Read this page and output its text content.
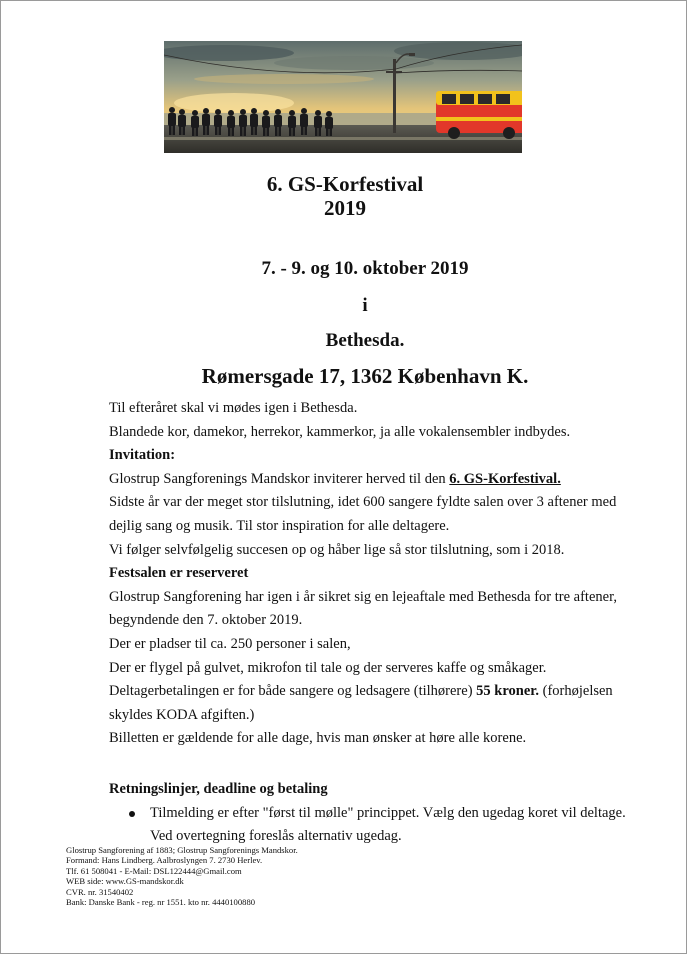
6. GS-Korfestival
2019
7. - 9. og 10. oktober 2019
i
Bethesda.
Rømersgade 17, 1362 København K.

Til efteråret skal vi mødes igen i Bethesda.

Blandede kor, damekor, herrekor, kammerkor, ja alle vokalensembler indbydes.

Invitation:

Glostrup Sangforenings Mandskor inviterer herved til den 6. GS-Korfestival.

Sidste år var der meget stor tilslutning, idet 600 sangere fyldte salen over 3 aftener med

dejlig sang og musik. Til stor inspiration for alle deltagere.

Vi følger selvfølgelig succesen op og håber lige så stor tilslutning, som i 2018.

Festsalen er reserveret

Glostrup Sangforening har igen i år sikret sig en lejeaftale med Bethesda for tre aftener,

begyndende den 7. oktober 2019.

Der er pladser til ca. 250 personer i salen,

Der er flygel på gulvet, mikrofon til tale og der serveres kaffe og småkager.

Deltagerbetalingen er for både sangere og ledsagere (tilhørere) 55 kroner. (forhøjelsen

skyldes KODA afgiften.)

Billetten er gældende for alle dage, hvis man ønsker at høre alle korene.

Retningslinjer, deadline og betaling

Tilmelding er efter "først til mølle" princippet. Vælg den ugedag koret vil deltage.
Ved overtegning foreslås alternativ ugedag.
Glostrup Sangforening af 1883; Glostrup Sangforenings Mandskor.
Formand: Hans Lindberg. Aalbroslyngen 7. 2730 Herlev.
Tlf. 61 508041 - E-Mail: DSL122444@Gmail.com
WEB side: www.GS-mandskor.dk
CVR. nr. 31540402
Bank: Danske Bank - reg. nr 1551. kto nr. 4440100880
